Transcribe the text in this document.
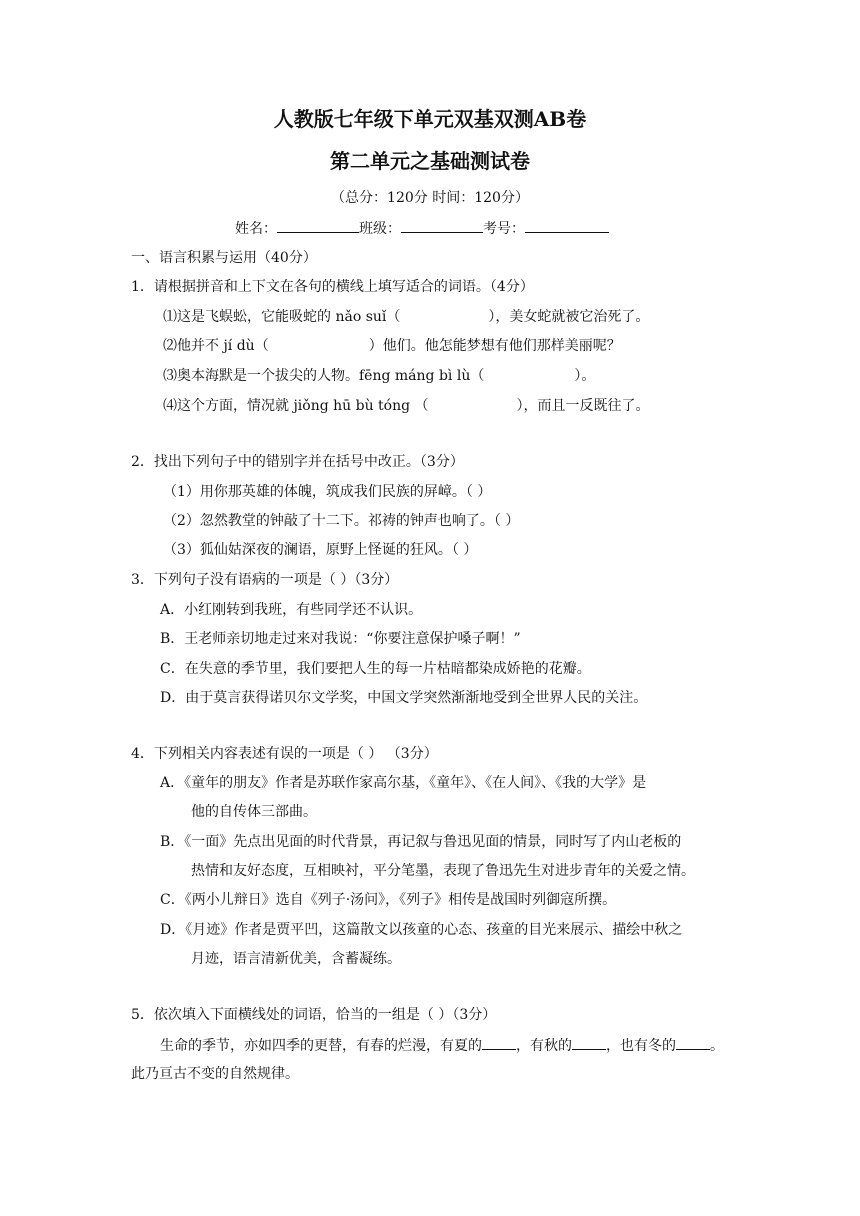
人教版七年级下单元双基双测AB卷
第二单元之基础测试卷
（总分：120分 时间：120分）
姓名：	班级：	考号：
一、语言积累与运用（40分）
1．请根据拼音和上下文在各句的横线上填写适合的词语。（4分）
⑴这是飞蜈蚣，它能吸蛇的 nǎo suǐ（	），美女蛇就被它治死了。
⑵他并不 jí dù（	）他们。他怎能梦想有他们那样美丽呢？
⑶奥本海默是一个拔尖的人物。fēng máng bì lù（	）。
⑷这个方面，情况就 jiǒng hū bù tóng （	），而且一反既往了。
2．找出下列句子中的错别字并在括号中改正。（3分）
（1）用你那英雄的体魄，筑成我们民族的屏嶂。（ ）
（2）忽然教堂的钟敲了十二下。祁祷的钟声也响了。（ ）
（3）狐仙姑深夜的澜语，原野上怪诞的狂风。（ ）
3．下列句子没有语病的一项是（ ）（3分）
A．小红刚转到我班，有些同学还不认识。
B．王老师亲切地走过来对我说：“你要注意保护嗓子啊！”
C．在失意的季节里，我们要把人生的每一片枯暗都染成娇艳的花瓣。
D．由于莫言获得诺贝尔文学奖，中国文学突然渐渐地受到全世界人民的关注。
4．下列相关内容表述有误的一项是（ ） （3分）
A．《童年的朋友》作者是苏联作家高尔基，《童年》、《在人间》、《我的大学》是
他的自传体三部曲。
B．《一面》先点出见面的时代背景，再记叙与鲁迅见面的情景，同时写了内山老板的
热情和友好态度，互相映衬，平分笔墨，表现了鲁迅先生对进步青年的关爱之情。
C．《两小儿辩日》选自《列子·汤问》，《列子》相传是战国时列御寇所撰。
D．《月迹》作者是贾平凹，这篇散文以孩童的心态、孩童的目光来展示、描绘中秋之
月迹，语言清新优美，含蓄凝练。
5．依次填入下面横线处的词语，恰当的一组是（ ）（3分）
生命的季节，亦如四季的更替，有春的烂漫，有夏的 ，有秋的 ，也有冬的 。
此乃亘古不变的自然规律。
